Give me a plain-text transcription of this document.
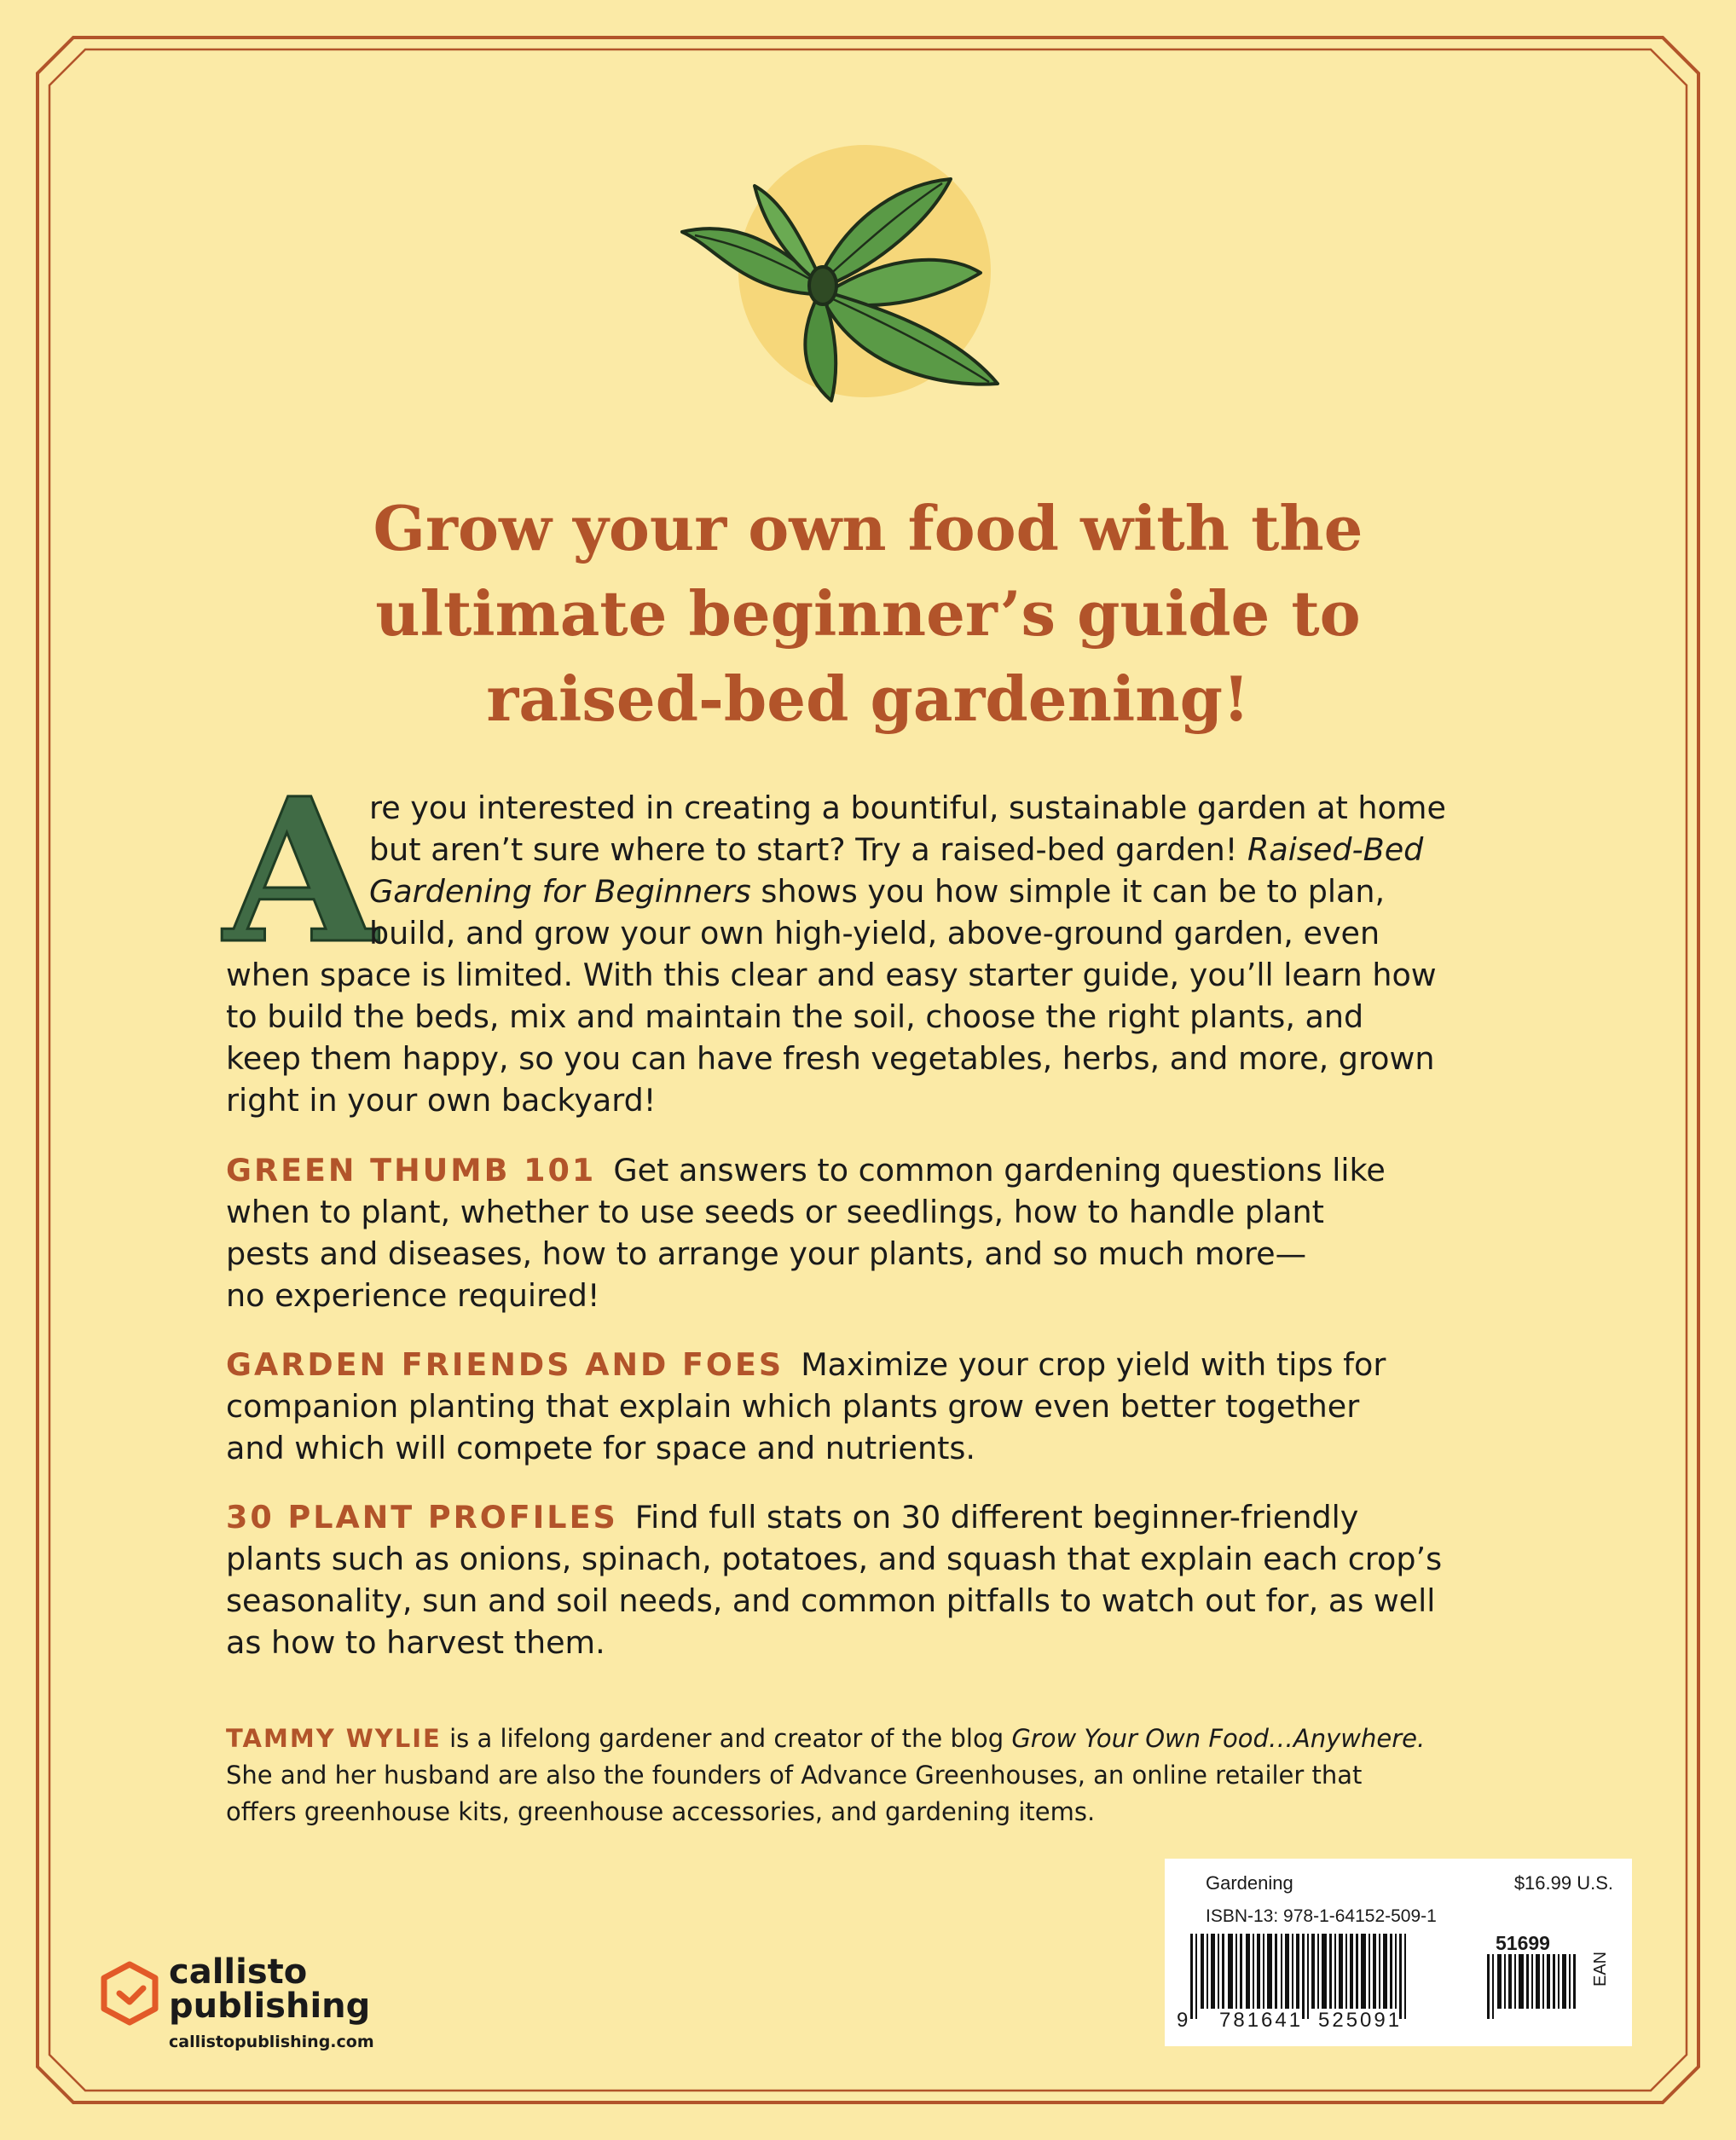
Grow your own food with the
ultimate beginner’s guide to
raised-bed gardening!
A
re you interested in creating a bountiful, sustainable garden at home
but aren’t sure where to start? Try a raised-bed garden! Raised-Bed
Gardening for Beginners shows you how simple it can be to plan,
build, and grow your own high-yield, above-ground garden, even
when space is limited. With this clear and easy starter guide, you’ll learn how
to build the beds, mix and maintain the soil, choose the right plants, and
keep them happy, so you can have fresh vegetables, herbs, and more, grown
right in your own backyard!
GREEN THUMB 101 Get answers to common gardening questions like
when to plant, whether to use seeds or seedlings, how to handle plant
pests and diseases, how to arrange your plants, and so much more—
no experience required!
GARDEN FRIENDS AND FOES Maximize your crop yield with tips for
companion planting that explain which plants grow even better together
and which will compete for space and nutrients.
30 PLANT PROFILES Find full stats on 30 different beginner-friendly
plants such as onions, spinach, potatoes, and squash that explain each crop’s
seasonality, sun and soil needs, and common pitfalls to watch out for, as well
as how to harvest them.
TAMMY WYLIE is a lifelong gardener and creator of the blog Grow Your Own Food…Anywhere.
She and her husband are also the founders of Advance Greenhouses, an online retailer that
offers greenhouse kits, greenhouse accessories, and gardening items.
callisto
publishing
callistopublishing.com
Gardening	$16.99 U.S.
ISBN-13: 978-1-64152-509-1
51699
9 781641 525091
EAN
